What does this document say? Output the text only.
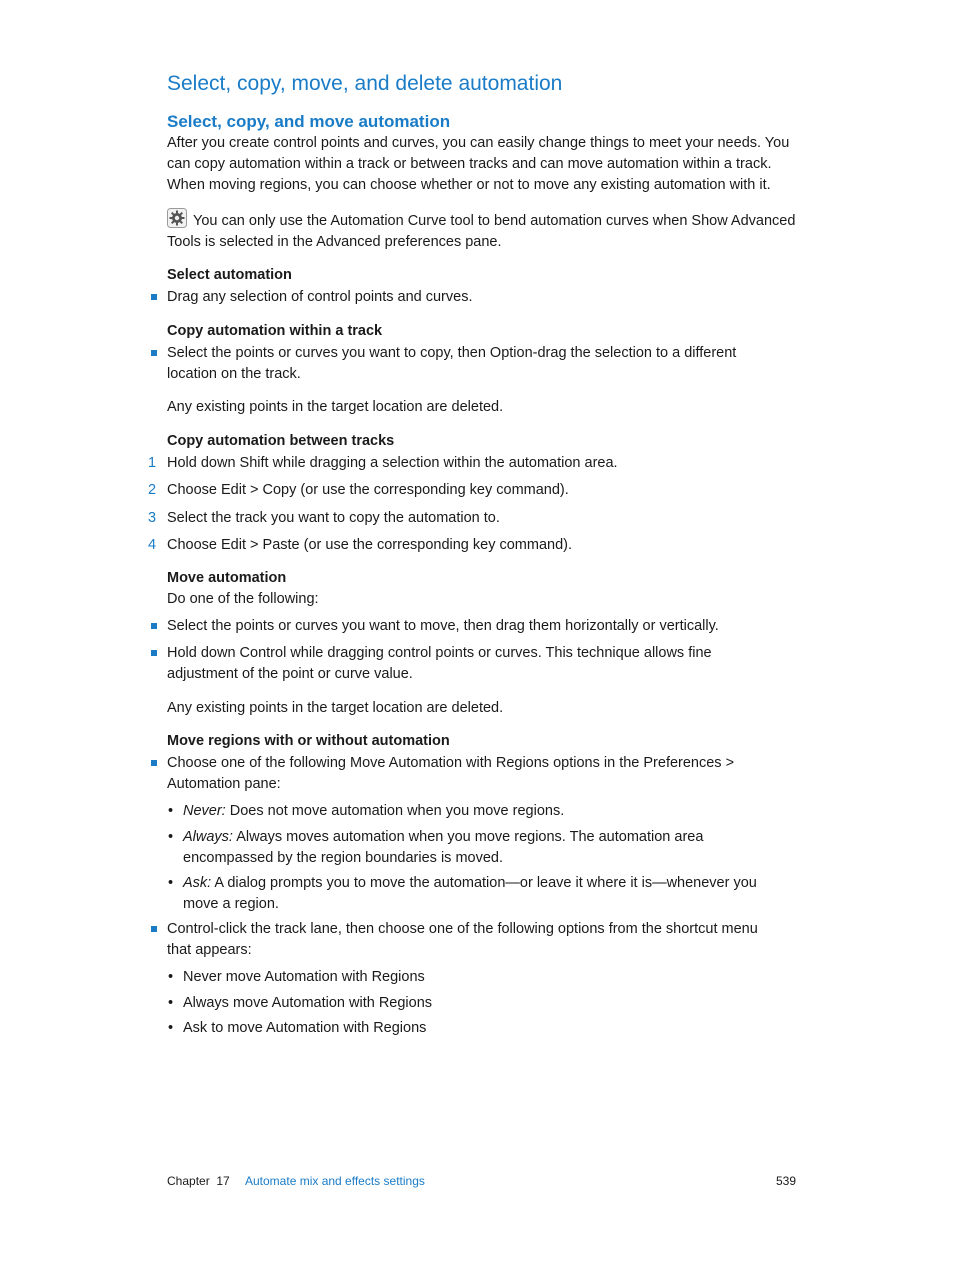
Select, copy, move, and delete automation
Select, copy, and move automation
After you create control points and curves, you can easily change things to meet your needs. You can copy automation within a track or between tracks and can move automation within a track. When moving regions, you can choose whether or not to move any existing automation with it.
You can only use the Automation Curve tool to bend automation curves when Show Advanced Tools is selected in the Advanced preferences pane.
Select automation
Drag any selection of control points and curves.
Copy automation within a track
Select the points or curves you want to copy, then Option-drag the selection to a different location on the track.
Any existing points in the target location are deleted.
Copy automation between tracks
1 Hold down Shift while dragging a selection within the automation area.
2 Choose Edit > Copy (or use the corresponding key command).
3 Select the track you want to copy the automation to.
4 Choose Edit > Paste (or use the corresponding key command).
Move automation
Do one of the following:
Select the points or curves you want to move, then drag them horizontally or vertically.
Hold down Control while dragging control points or curves. This technique allows fine adjustment of the point or curve value.
Any existing points in the target location are deleted.
Move regions with or without automation
Choose one of the following Move Automation with Regions options in the Preferences > Automation pane:
• Never: Does not move automation when you move regions.
• Always: Always moves automation when you move regions. The automation area encompassed by the region boundaries is moved.
• Ask: A dialog prompts you to move the automation—or leave it where it is—whenever you move a region.
Control-click the track lane, then choose one of the following options from the shortcut menu that appears:
• Never move Automation with Regions
• Always move Automation with Regions
• Ask to move Automation with Regions
Chapter  17 Automate mix and effects settings	539
